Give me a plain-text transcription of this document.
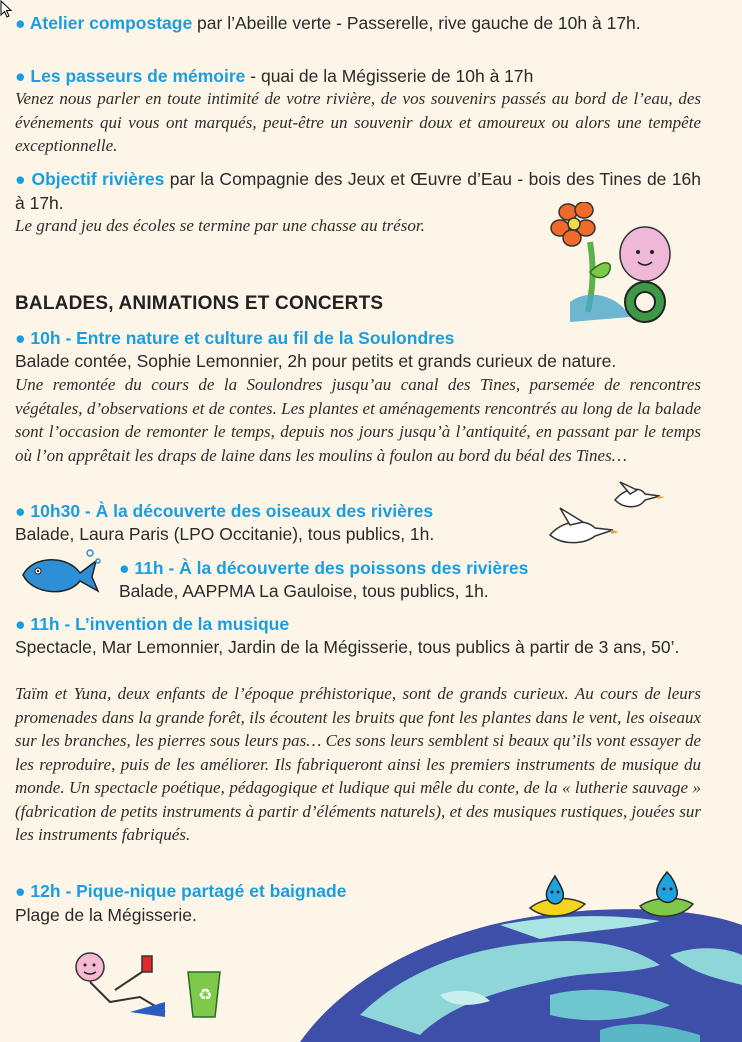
♻
● Atelier compostage par l’Abeille verte - Passerelle, rive gauche de 10h à 17h.
● Les passeurs de mémoire - quai de la Mégisserie de 10h à 17h
Venez nous parler en toute intimité de votre rivière, de vos souvenirs passés au bord de l’eau, des événements qui vous ont marqués, peut-être un souvenir doux et amoureux ou alors une tempête exceptionnelle.
● Objectif rivières par la Compagnie des Jeux et Œuvre d’Eau - bois des Tines de 16h à 17h.
Le grand jeu des écoles se termine par une chasse au trésor.
BALADES, ANIMATIONS ET CONCERTS
● 10h - Entre nature et culture au fil de la Soulondres
Balade contée, Sophie Lemonnier, 2h pour petits et grands curieux de nature.
Une remontée du cours de la Soulondres jusqu’au canal des Tines, parsemée de rencontres végétales, d’observations et de contes. Les plantes et aménagements rencontrés au long de la balade sont l’occasion de remonter le temps, depuis nos jours jusqu’à l’antiquité, en passant par le temps où l’on apprêtait les draps de laine dans les moulins à foulon au bord du béal des Tines…
● 10h30 - À la découverte des oiseaux des rivières
Balade, Laura Paris (LPO Occitanie), tous publics, 1h.
● 11h - À la découverte des poissons des rivières
Balade, AAPPMA La Gauloise, tous publics, 1h.
● 11h - L’invention de la musique
Spectacle, Mar Lemonnier, Jardin de la Mégisserie, tous publics à partir de 3 ans, 50’.
Taïm et Yuna, deux enfants de l’époque préhistorique, sont de grands curieux. Au cours de leurs promenades dans la grande forêt, ils écoutent les bruits que font les plantes dans le vent, les oiseaux sur les branches, les pierres sous leurs pas… Ces sons leurs semblent si beaux qu’ils vont essayer de les reproduire, puis de les améliorer. Ils fabriqueront ainsi les premiers instruments de musique du monde. Un spectacle poétique, pédagogique et ludique qui mêle du conte, de la « lutherie sauvage » (fabrication de petits instruments à partir d’éléments naturels), et des musiques rustiques, jouées sur les instruments fabriqués.
● 12h - Pique-nique partagé et baignade
Plage de la Mégisserie.
